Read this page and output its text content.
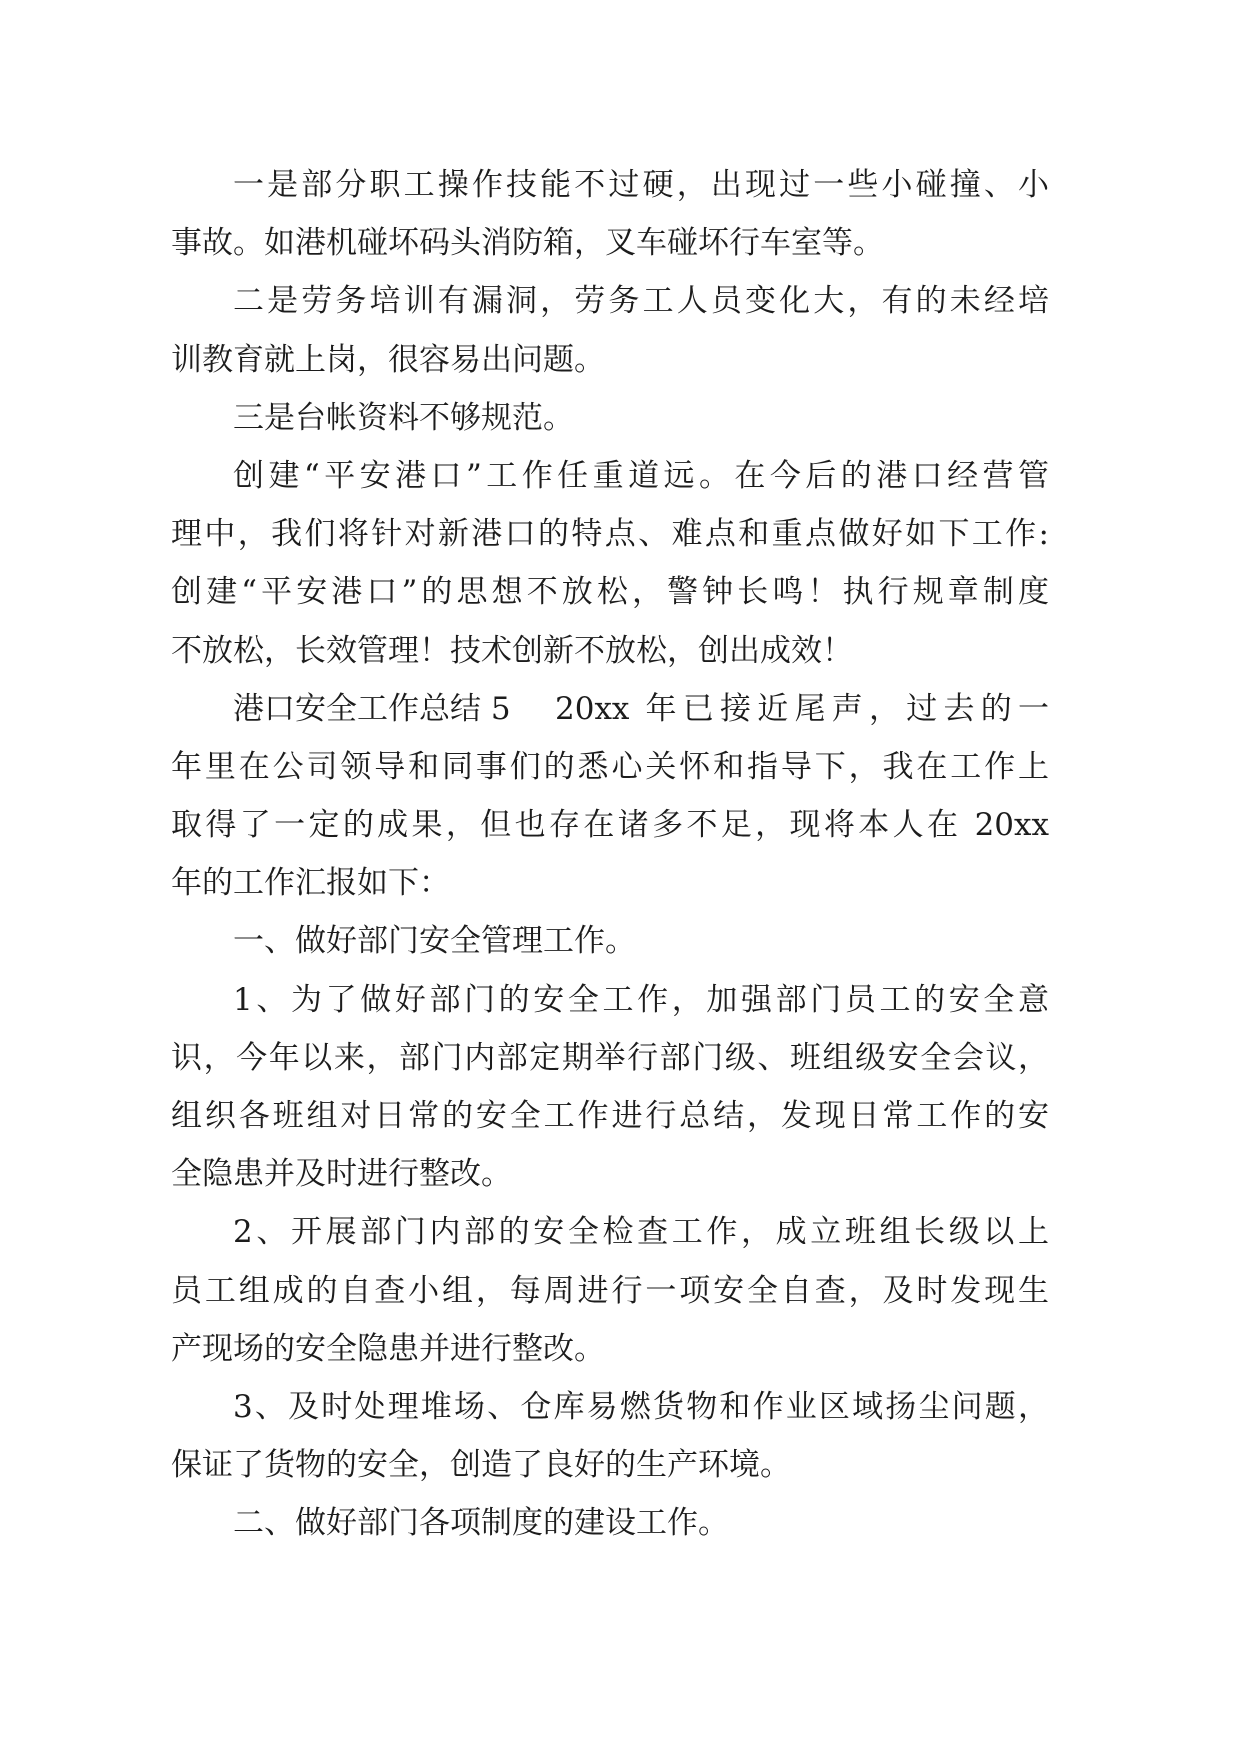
一是部分职工操作技能不过硬，出现过一些小碰撞、小
事故。如港机碰坏码头消防箱，叉车碰坏行车室等。
二是劳务培训有漏洞，劳务工人员变化大，有的未经培
训教育就上岗，很容易出问题。
三是台帐资料不够规范。
创建“平安港口”工作任重道远。在今后的港口经营管
理中，我们将针对新港口的特点、难点和重点做好如下工作:
创建“平安港口”的思想不放松，警钟长鸣！执行规章制度
不放松，长效管理！技术创新不放松，创出成效！
港口安全工作总结 5	20xx 年已接近尾声，过去的一
年里在公司领导和同事们的悉心关怀和指导下，我在工作上
取得了一定的成果，但也存在诸多不足，现将本人在 20xx
年的工作汇报如下：
一、做好部门安全管理工作。
1、为了做好部门的安全工作，加强部门员工的安全意
识，今年以来，部门内部定期举行部门级、班组级安全会议，
组织各班组对日常的安全工作进行总结，发现日常工作的安
全隐患并及时进行整改。
2、开展部门内部的安全检查工作，成立班组长级以上
员工组成的自查小组，每周进行一项安全自查，及时发现生
产现场的安全隐患并进行整改。
3、及时处理堆场、仓库易燃货物和作业区域扬尘问题，
保证了货物的安全，创造了良好的生产环境。
二、做好部门各项制度的建设工作。
